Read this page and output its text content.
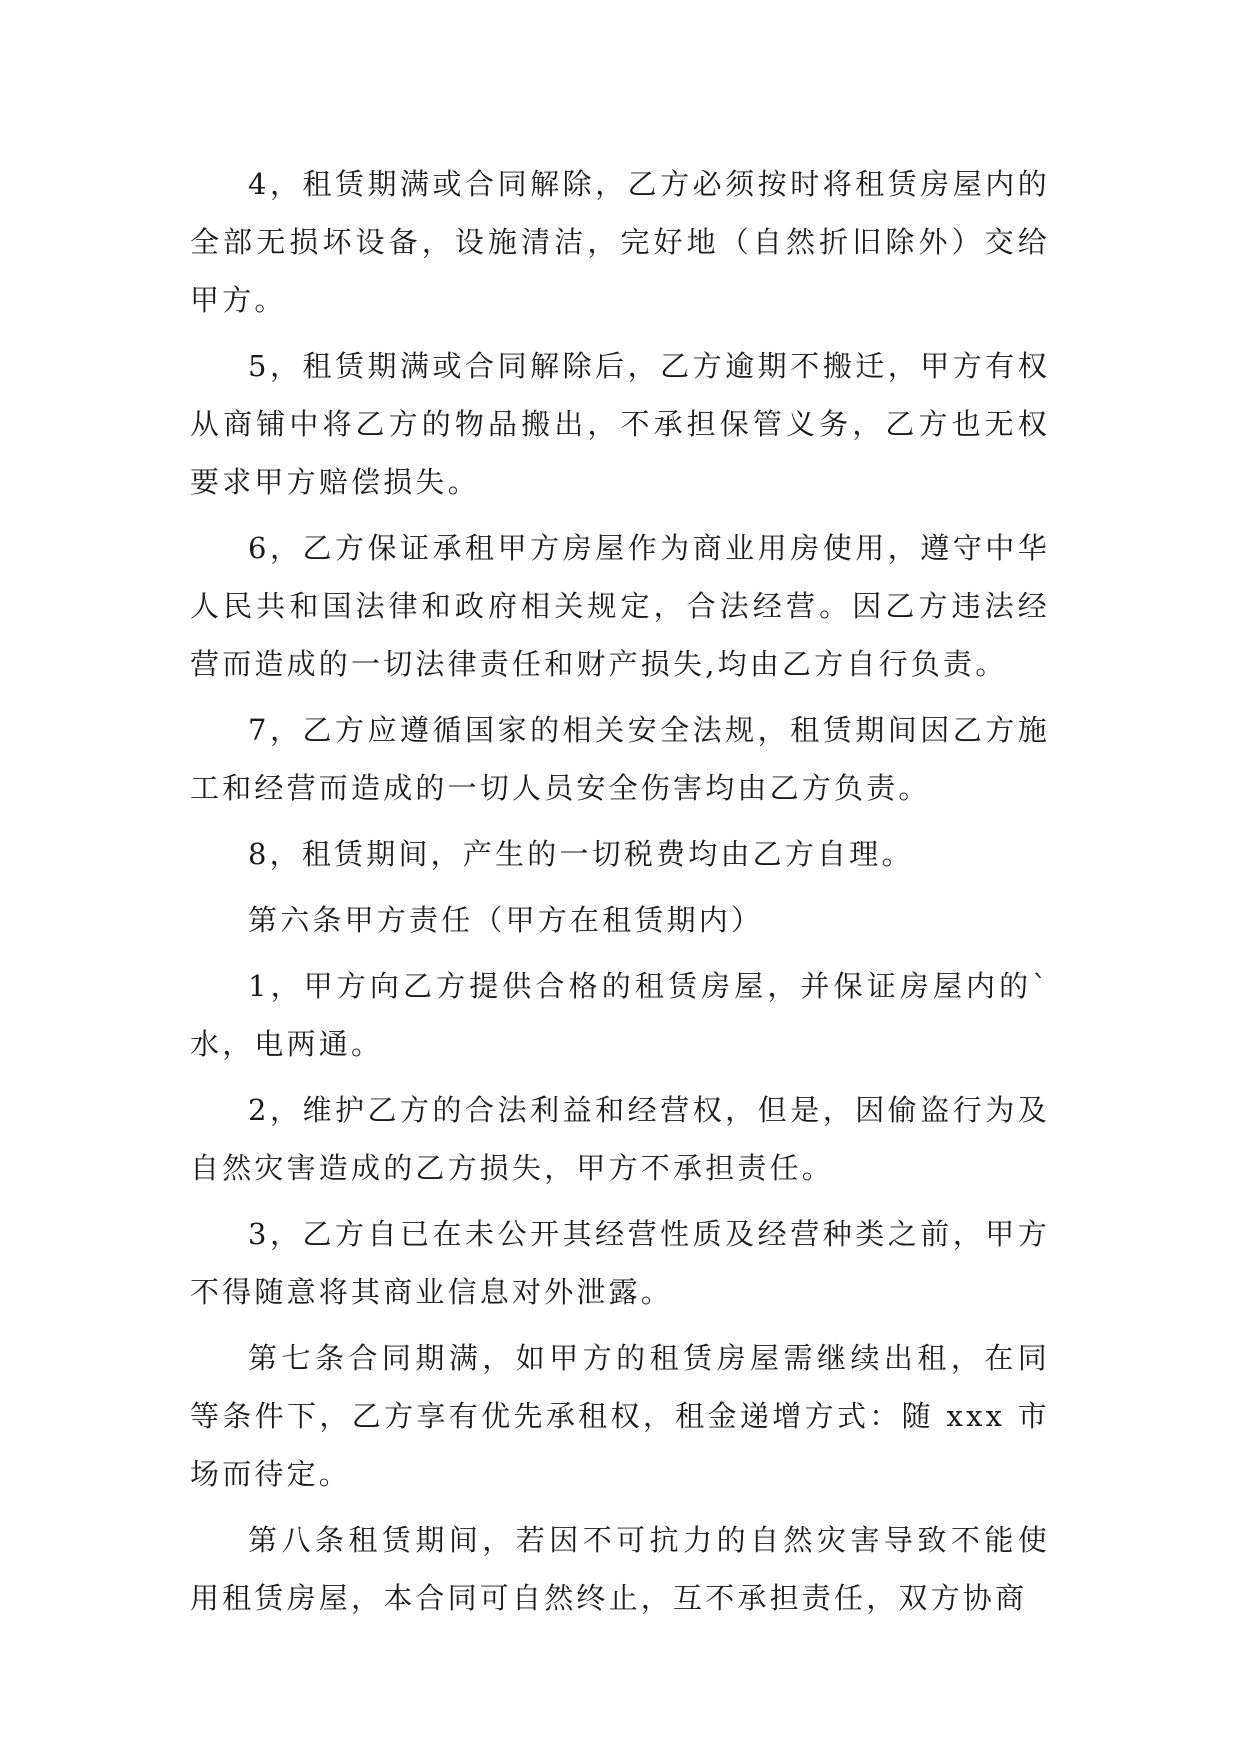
4，租赁期满或合同解除，乙方必须按时将租赁房屋内的全部无损坏设备，设施清洁，完好地（自然折旧除外）交给甲方。

5，租赁期满或合同解除后，乙方逾期不搬迁，甲方有权从商铺中将乙方的物品搬出，不承担保管义务，乙方也无权要求甲方赔偿损失。

6，乙方保证承租甲方房屋作为商业用房使用，遵守中华人民共和国法律和政府相关规定，合法经营。因乙方违法经营而造成的一切法律责任和财产损失,均由乙方自行负责。

7，乙方应遵循国家的相关安全法规，租赁期间因乙方施工和经营而造成的一切人员安全伤害均由乙方负责。

8，租赁期间，产生的一切税费均由乙方自理。

第六条甲方责任（甲方在租赁期内）

1，甲方向乙方提供合格的租赁房屋，并保证房屋内的`水，电两通。

2，维护乙方的合法利益和经营权，但是，因偷盗行为及自然灾害造成的乙方损失，甲方不承担责任。

3，乙方自已在未公开其经营性质及经营种类之前，甲方不得随意将其商业信息对外泄露。

第七条合同期满，如甲方的租赁房屋需继续出租，在同等条件下，乙方享有优先承租权，租金递增方式：随 xxx 市场而待定。

第八条租赁期间，若因不可抗力的自然灾害导致不能使用租赁房屋，本合同可自然终止，互不承担责任，双方协商
